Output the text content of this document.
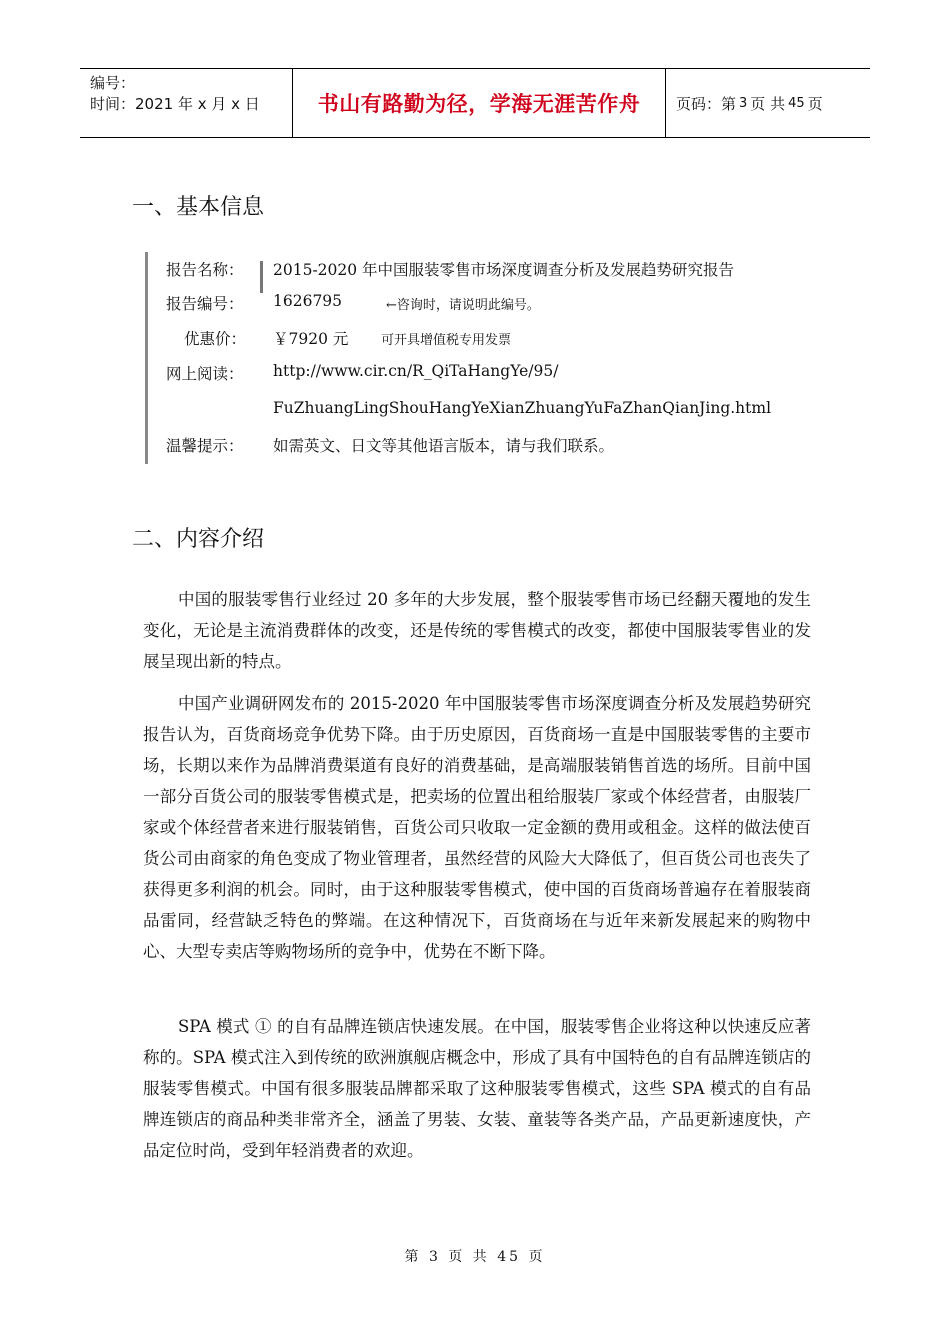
编号：
时间：2021 年 x 月 x 日	书山有路勤为径，学海无涯苦作舟	页码：第 3 页 共 45 页
一、基本信息
报告名称：	2015-2020 年中国服装零售市场深度调查分析及发展趋势研究报告
报告编号：	1626795	←咨询时，请说明此编号。
优惠价：	￥7920 元	可开具增值税专用发票
网上阅读：	http://www.cir.cn/R_QiTaHangYe/95/
FuZhuangLingShouHangYeXianZhuangYuFaZhanQianJing.html
温馨提示：	如需英文、日文等其他语言版本，请与我们联系。
二、内容介绍

中国的服装零售行业经过 20 多年的大步发展，整个服装零售市场已经翻天覆地的发生变化，无论是主流消费群体的改变，还是传统的零售模式的改变，都使中国服装零售业的发展呈现出新的特点。

中国产业调研网发布的 2015-2020 年中国服装零售市场深度调查分析及发展趋势研究报告认为，百货商场竞争优势下降。由于历史原因，百货商场一直是中国服装零售的主要市场，长期以来作为品牌消费渠道有良好的消费基础，是高端服装销售首选的场所。目前中国一部分百货公司的服装零售模式是，把卖场的位置出租给服装厂家或个体经营者，由服装厂家或个体经营者来进行服装销售，百货公司只收取一定金额的费用或租金。这样的做法使百货公司由商家的角色变成了物业管理者，虽然经营的风险大大降低了，但百货公司也丧失了获得更多利润的机会。同时，由于这种服装零售模式，使中国的百货商场普遍存在着服装商品雷同，经营缺乏特色的弊端。在这种情况下，百货商场在与近年来新发展起来的购物中心、大型专卖店等购物场所的竞争中，优势在不断下降。

SPA 模式 ① 的自有品牌连锁店快速发展。在中国，服装零售企业将这种以快速反应著称的。SPA 模式注入到传统的欧洲旗舰店概念中，形成了具有中国特色的自有品牌连锁店的服装零售模式。中国有很多服装品牌都采取了这种服装零售模式，这些 SPA 模式的自有品牌连锁店的商品种类非常齐全，涵盖了男装、女装、童装等各类产品，产品更新速度快，产品定位时尚，受到年轻消费者的欢迎。

第 3 页 共 45 页
